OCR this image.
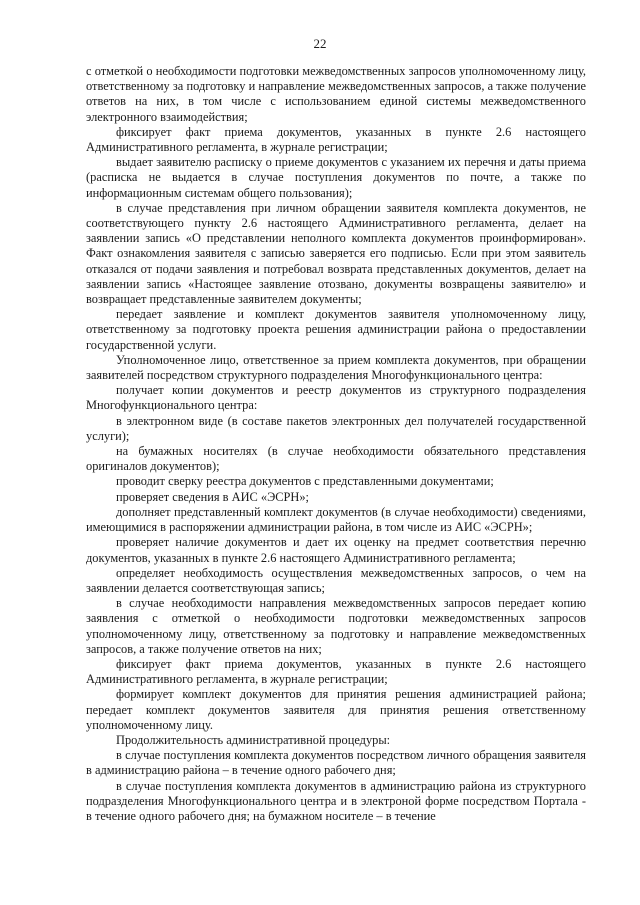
22

с отметкой о необходимости подготовки межведомственных запросов уполномоченному лицу, ответственному за подготовку и направление межведомственных запросов, а также получение ответов на них, в том числе с использованием единой системы межведомственного электронного взаимодействия;

фиксирует факт приема документов, указанных в пункте 2.6 настоящего Административного регламента, в журнале регистрации;

выдает заявителю расписку о приеме документов с указанием их перечня и даты приема (расписка не выдается в случае поступления документов по почте, а также по информационным системам общего пользования);

в случае представления при личном обращении заявителя комплекта документов, не соответствующего пункту 2.6 настоящего Административного регламента, делает на заявлении запись «О представлении неполного комплекта документов проинформирован». Факт ознакомления заявителя с записью заверяется его подписью. Если при этом заявитель отказался от подачи заявления и потребовал возврата представленных документов, делает на заявлении запись «Настоящее заявление отозвано, документы возвращены заявителю» и возвращает представленные заявителем документы;

передает заявление и комплект документов заявителя уполномоченному лицу, ответственному за подготовку проекта решения администрации района о предоставлении государственной услуги.

Уполномоченное лицо, ответственное за прием комплекта документов, при обращении заявителей посредством структурного подразделения Многофункционального центра:

получает копии документов и реестр документов из структурного подразделения Многофункционального центра:

в электронном виде (в составе пакетов электронных дел получателей государственной услуги);

на бумажных носителях (в случае необходимости обязательного представления оригиналов документов);

проводит сверку реестра документов с представленными документами;

проверяет сведения в АИС «ЭСРН»;

дополняет представленный комплект документов (в случае необходимости) сведениями, имеющимися в распоряжении администрации района, в том числе из АИС «ЭСРН»;

проверяет наличие документов и дает их оценку на предмет соответствия перечню документов, указанных в пункте 2.6 настоящего Административного регламента;

определяет необходимость осуществления межведомственных запросов, о чем на заявлении делается соответствующая запись;

в случае необходимости направления межведомственных запросов передает копию заявления с отметкой о необходимости подготовки межведомственных запросов уполномоченному лицу, ответственному за подготовку и направление межведомственных запросов, а также получение ответов на них;

фиксирует факт приема документов, указанных в пункте 2.6 настоящего Административного регламента, в журнале регистрации;

формирует комплект документов для принятия решения администрацией района; передает комплект документов заявителя для принятия решения ответственному уполномоченному лицу.

Продолжительность административной процедуры:

в случае поступления комплекта документов посредством личного обращения заявителя в администрацию района – в течение одного рабочего дня;

в случае поступления комплекта документов в администрацию района из структурного подразделения Многофункционального центра и в электроной форме посредством Портала - в течение одного рабочего дня; на бумажном носителе – в течение
